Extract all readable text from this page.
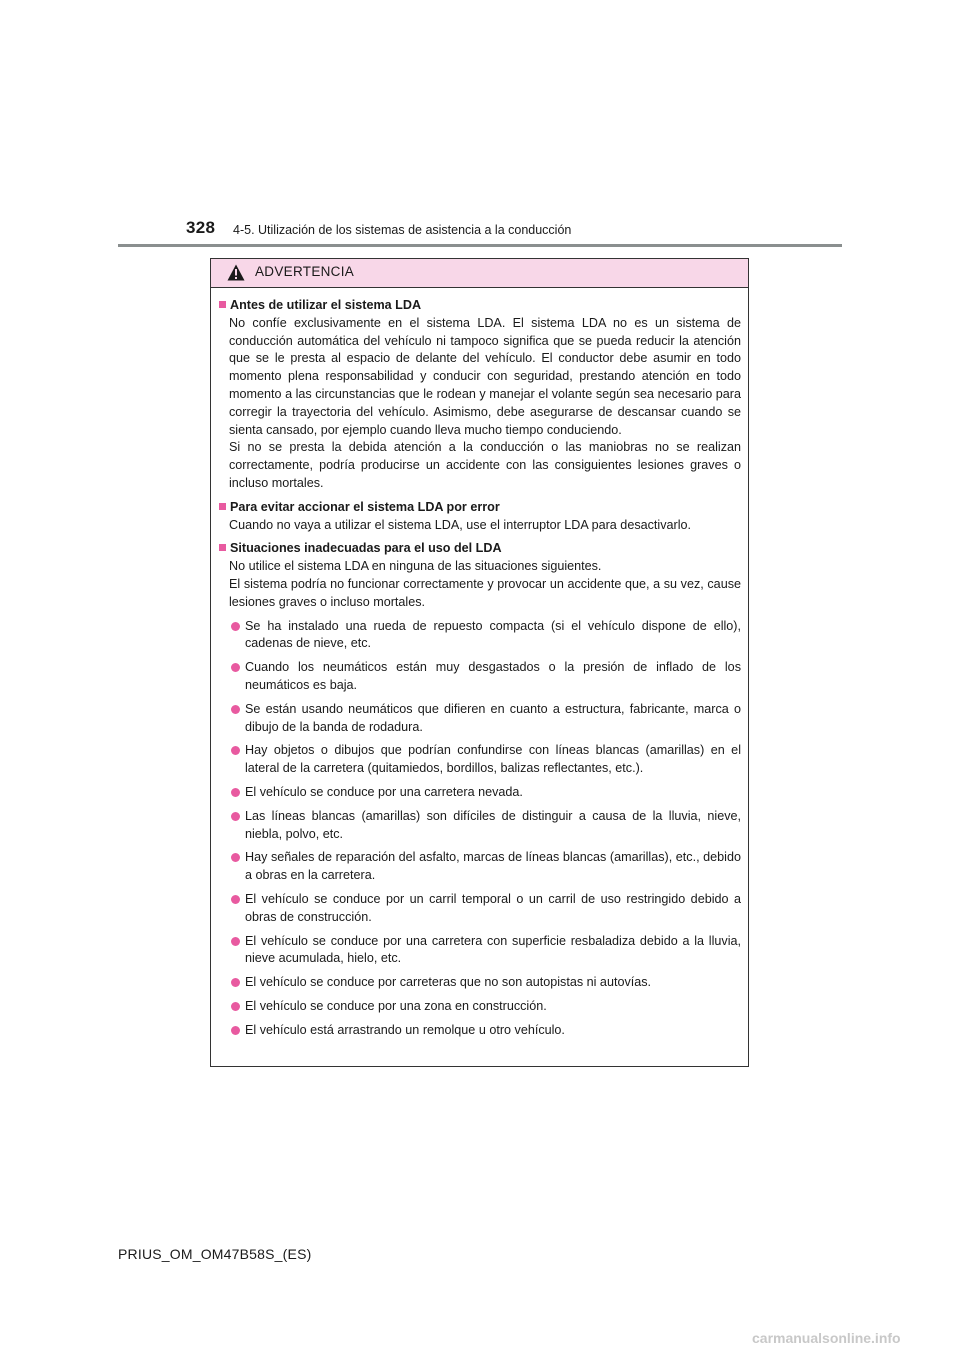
328 4-5. Utilización de los sistemas de asistencia a la conducción
ADVERTENCIA
Antes de utilizar el sistema LDA
No confíe exclusivamente en el sistema LDA. El sistema LDA no es un sistema de conducción automática del vehículo ni tampoco significa que se pueda reducir la atención que se le presta al espacio de delante del vehículo. El conductor debe asumir en todo momento plena responsabilidad y conducir con seguridad, prestando atención en todo momento a las circunstancias que le rodean y manejar el volante según sea necesario para corregir la trayectoria del vehículo. Asimismo, debe asegurarse de descansar cuando se sienta cansado, por ejemplo cuando lleva mucho tiempo conduciendo.
Si no se presta la debida atención a la conducción o las maniobras no se realizan correctamente, podría producirse un accidente con las consiguientes lesiones graves o incluso mortales.
Para evitar accionar el sistema LDA por error
Cuando no vaya a utilizar el sistema LDA, use el interruptor LDA para desactivarlo.
Situaciones inadecuadas para el uso del LDA
No utilice el sistema LDA en ninguna de las situaciones siguientes.
El sistema podría no funcionar correctamente y provocar un accidente que, a su vez, cause lesiones graves o incluso mortales.
Se ha instalado una rueda de repuesto compacta (si el vehículo dispone de ello), cadenas de nieve, etc.
Cuando los neumáticos están muy desgastados o la presión de inflado de los neumáticos es baja.
Se están usando neumáticos que difieren en cuanto a estructura, fabricante, marca o dibujo de la banda de rodadura.
Hay objetos o dibujos que podrían confundirse con líneas blancas (amarillas) en el lateral de la carretera (quitamiedos, bordillos, balizas reflectantes, etc.).
El vehículo se conduce por una carretera nevada.
Las líneas blancas (amarillas) son difíciles de distinguir a causa de la lluvia, nieve, niebla, polvo, etc.
Hay señales de reparación del asfalto, marcas de líneas blancas (amarillas), etc., debido a obras en la carretera.
El vehículo se conduce por un carril temporal o un carril de uso restringido debido a obras de construcción.
El vehículo se conduce por una carretera con superficie resbaladiza debido a la lluvia, nieve acumulada, hielo, etc.
El vehículo se conduce por carreteras que no son autopistas ni autovías.
El vehículo se conduce por una zona en construcción.
El vehículo está arrastrando un remolque u otro vehículo.
PRIUS_OM_OM47B58S_(ES)
carmanualsonline.info
